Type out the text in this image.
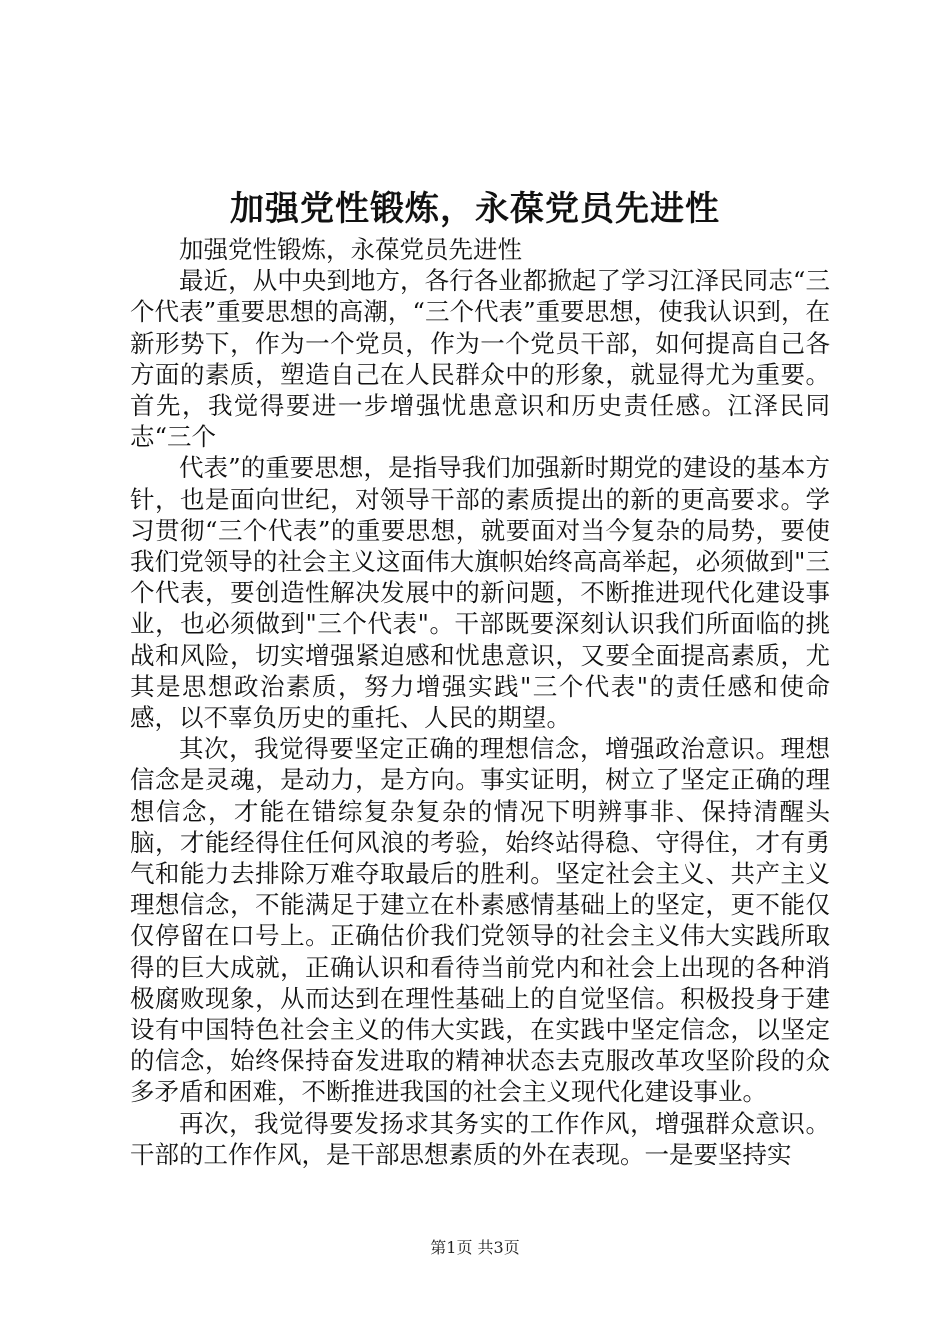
加强党性锻炼，永葆党员先进性

加强党性锻炼，永葆党员先进性

最近，从中央到地方，各行各业都掀起了学习江泽民同志“三个代表”重要思想的高潮，“三个代表”重要思想，使我认识到，在新形势下，作为一个党员，作为一个党员干部，如何提高自己各方面的素质，塑造自己在人民群众中的形象，就显得尤为重要。首先，我觉得要进一步增强忧患意识和历史责任感。江泽民同志“三个

代表”的重要思想，是指导我们加强新时期党的建设的基本方针，也是面向世纪，对领导干部的素质提出的新的更高要求。学习贯彻“三个代表”的重要思想，就要面对当今复杂的局势，要使我们党领导的社会主义这面伟大旗帜始终高高举起，必须做到"三个代表，要创造性解决发展中的新问题，不断推进现代化建设事业，也必须做到"三个代表"。干部既要深刻认识我们所面临的挑战和风险，切实增强紧迫感和忧患意识，又要全面提高素质，尤其是思想政治素质，努力增强实践"三个代表"的责任感和使命感，以不辜负历史的重托、人民的期望。

其次，我觉得要坚定正确的理想信念，增强政治意识。理想信念是灵魂，是动力，是方向。事实证明，树立了坚定正确的理想信念，才能在错综复杂复杂的情况下明辨事非、保持清醒头脑，才能经得住任何风浪的考验，始终站得稳、守得住，才有勇气和能力去排除万难夺取最后的胜利。坚定社会主义、共产主义理想信念，不能满足于建立在朴素感情基础上的坚定，更不能仅仅停留在口号上。正确估价我们党领导的社会主义伟大实践所取得的巨大成就，正确认识和看待当前党内和社会上出现的各种消极腐败现象，从而达到在理性基础上的自觉坚信。积极投身于建设有中国特色社会主义的伟大实践，在实践中坚定信念，以坚定的信念，始终保持奋发进取的精神状态去克服改革攻坚阶段的众多矛盾和困难，不断推进我国的社会主义现代化建设事业。

再次，我觉得要发扬求其务实的工作作风，增强群众意识。干部的工作作风，是干部思想素质的外在表现。一是要坚持实

第1页 共3页
